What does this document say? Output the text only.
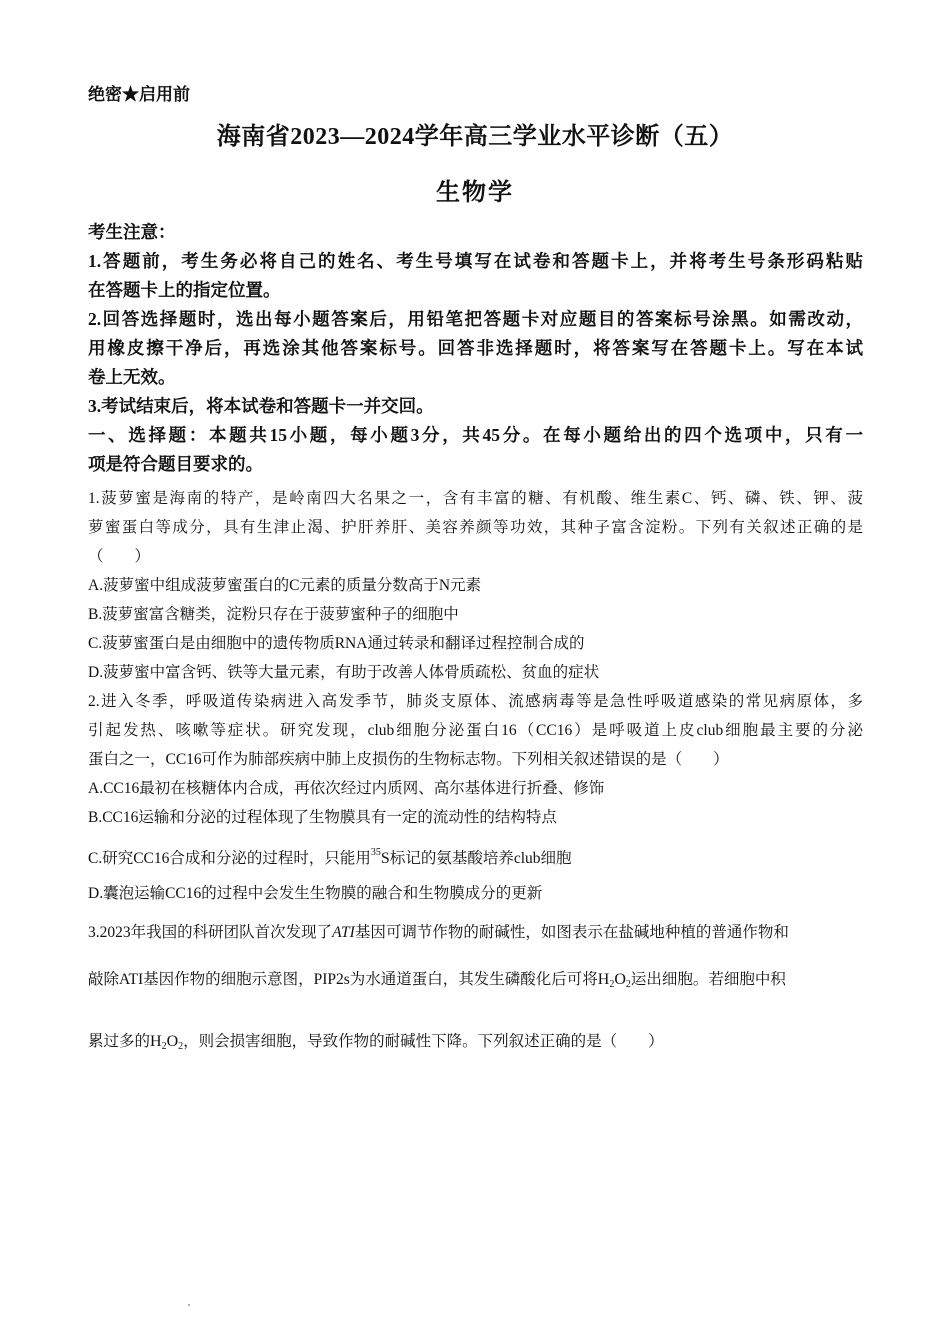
绝密★启用前
海南省2023—2024学年高三学业水平诊断（五）
生物学
考生注意：
1.答题前，考生务必将自己的姓名、考生号填写在试卷和答题卡上，并将考生号条形码粘贴
在答题卡上的指定位置。
2.回答选择题时，选出每小题答案后，用铅笔把答题卡对应题目的答案标号涂黑。如需改动，
用橡皮擦干净后，再选涂其他答案标号。回答非选择题时，将答案写在答题卡上。写在本试
卷上无效。
3.考试结束后，将本试卷和答题卡一并交回。
一、选择题：本题共15小题，每小题3分，共45分。在每小题给出的四个选项中，只有一
项是符合题目要求的。
1.菠萝蜜是海南的特产，是岭南四大名果之一，含有丰富的糖、有机酸、维生素C、钙、磷、铁、钾、菠
萝蜜蛋白等成分，具有生津止渴、护肝养肝、美容养颜等功效，其种子富含淀粉。下列有关叙述正确的是
（　　）
A.菠萝蜜中组成菠萝蜜蛋白的C元素的质量分数高于N元素
B.菠萝蜜富含糖类，淀粉只存在于菠萝蜜种子的细胞中
C.菠萝蜜蛋白是由细胞中的遗传物质RNA通过转录和翻译过程控制合成的
D.菠萝蜜中富含钙、铁等大量元素，有助于改善人体骨质疏松、贫血的症状
2.进入冬季，呼吸道传染病进入高发季节，肺炎支原体、流感病毒等是急性呼吸道感染的常见病原体，多
引起发热、咳嗽等症状。研究发现，club细胞分泌蛋白16（CC16）是呼吸道上皮club细胞最主要的分泌
蛋白之一，CC16可作为肺部疾病中肺上皮损伤的生物标志物。下列相关叙述错误的是（　　）
A.CC16最初在核糖体内合成，再依次经过内质网、高尔基体进行折叠、修饰
B.CC16运输和分泌的过程体现了生物膜具有一定的流动性的结构特点
C.研究CC16合成和分泌的过程时，只能用$^{35}$S标记的氨基酸培养club细胞
D.囊泡运输CC16的过程中会发生生物膜的融合和生物膜成分的更新
3.2023年我国的科研团队首次发现了ATI基因可调节作物的耐碱性，如图表示在盐碱地种植的普通作物和
敲除ATI基因作物的细胞示意图，PIP2s为水通道蛋白，其发生磷酸化后可将$H_2O_2$运出细胞。若细胞中积
累过多的$H_2O_2$，则会损害细胞，导致作物的耐碱性下降。下列叙述正确的是（　　）
